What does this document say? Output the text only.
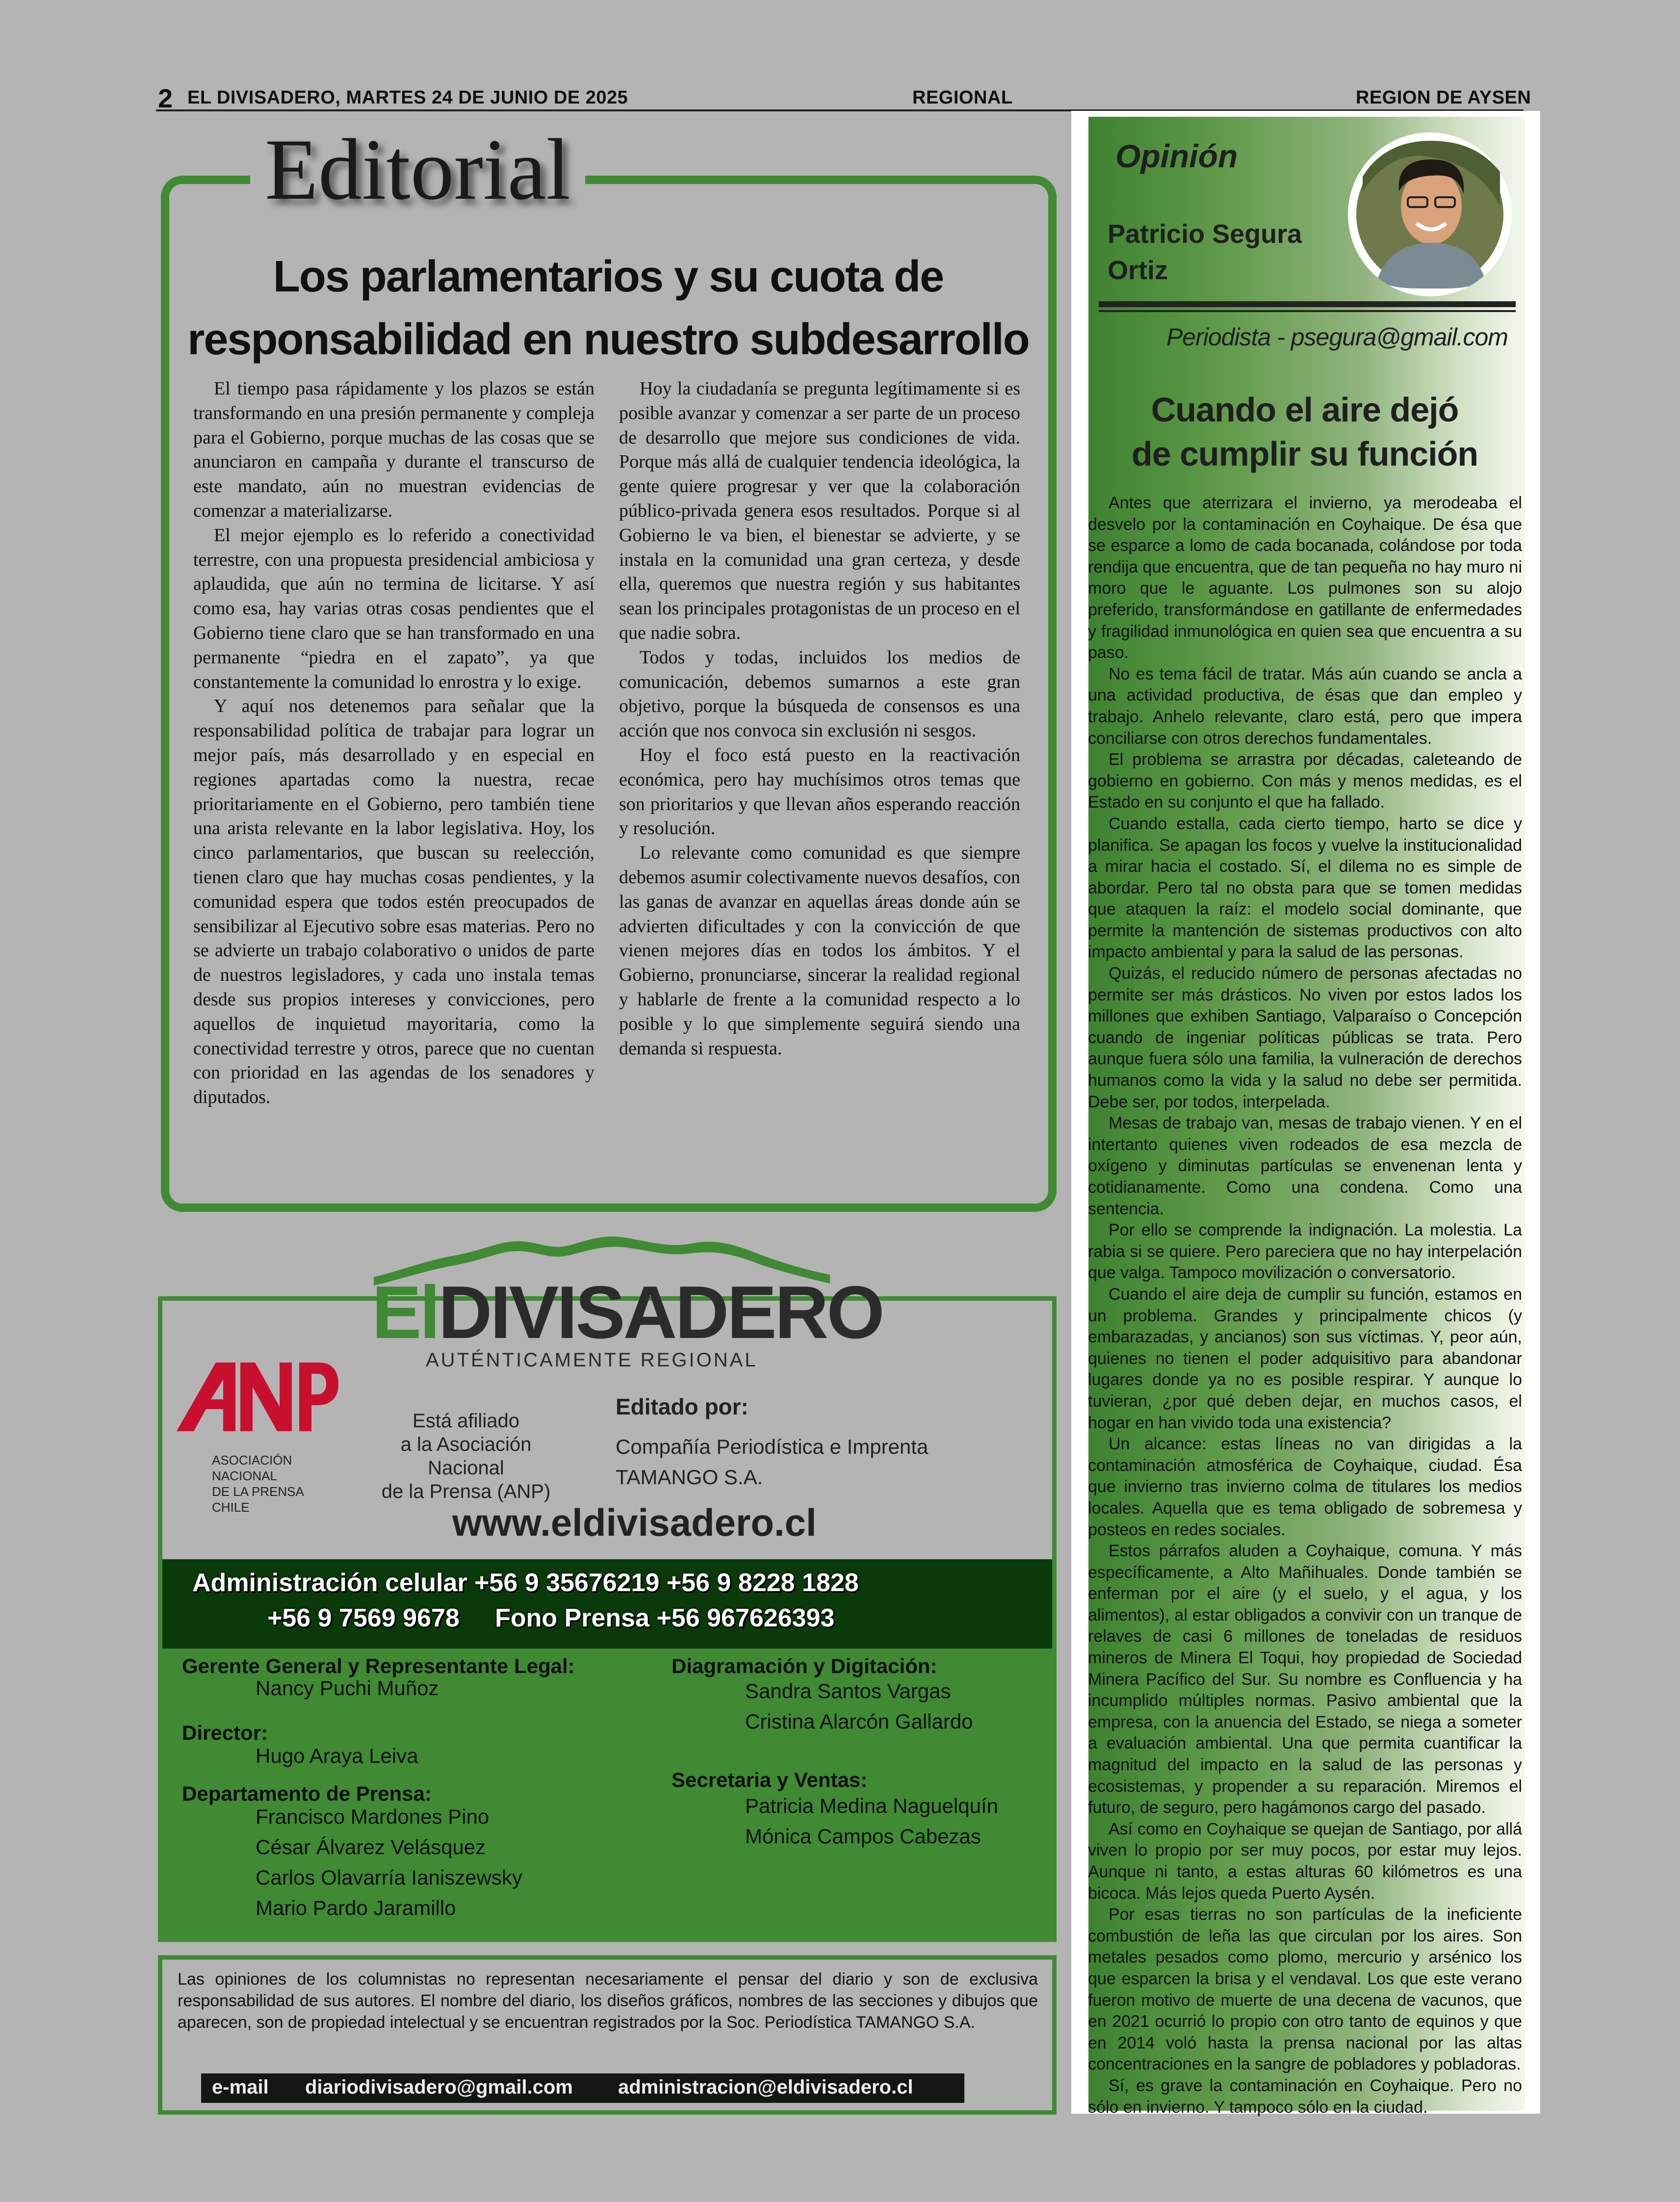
2 EL DIVISADERO, MARTES 24 DE JUNIO DE 2025	REGIONAL	REGION DE AYSEN
Editorial
Los parlamentarios y su cuota de
responsabilidad en nuestro subdesarrollo

El tiempo pasa rápidamente y los plazos se están transformando en una presión permanente y compleja para el Gobierno, porque muchas de las cosas que se anunciaron en campaña y durante el transcurso de este mandato, aún no muestran evidencias de comenzar a materializarse.

El mejor ejemplo es lo referido a conectividad terrestre, con una propuesta presidencial ambiciosa y aplaudida, que aún no termina de licitarse. Y así como esa, hay varias otras cosas pendientes que el Gobierno tiene claro que se han transformado en una permanente “piedra en el zapato”, ya que constantemente la comunidad lo enrostra y lo exige.

Y aquí nos detenemos para señalar que la responsabilidad política de trabajar para lograr un mejor país, más desarrollado y en especial en regiones apartadas como la nuestra, recae prioritariamente en el Gobierno, pero también tiene una arista relevante en la labor legislativa. Hoy, los cinco parlamentarios, que buscan su reelección, tienen claro que hay muchas cosas pendientes, y la comunidad espera que todos estén preocupados de sensibilizar al Ejecutivo sobre esas materias. Pero no se advierte un trabajo colaborativo o unidos de parte de nuestros legisladores, y cada uno instala temas desde sus propios intereses y convicciones, pero aquellos de inquietud mayoritaria, como la conectividad terrestre y otros, parece que no cuentan con prioridad en las agendas de los senadores y diputados.

Hoy la ciudadanía se pregunta legítimamente si es posible avanzar y comenzar a ser parte de un proceso de desarrollo que mejore sus condiciones de vida. Porque más allá de cualquier tendencia ideológica, la gente quiere progresar y ver que la colaboración público-privada genera esos resultados. Porque si al Gobierno le va bien, el bienestar se advierte, y se instala en la comunidad una gran certeza, y desde ella, queremos que nuestra región y sus habitantes sean los principales protagonistas de un proceso en el que nadie sobra.

Todos y todas, incluidos los medios de comunicación, debemos sumarnos a este gran objetivo, porque la búsqueda de consensos es una acción que nos convoca sin exclusión ni sesgos.

Hoy el foco está puesto en la reactivación económica, pero hay muchísimos otros temas que son prioritarios y que llevan años esperando reacción y resolución.

Lo relevante como comunidad es que siempre debemos asumir colectivamente nuevos desafíos, con las ganas de avanzar en aquellas áreas donde aún se advierten dificultades y con la convicción de que vienen mejores días en todos los ámbitos. Y el Gobierno, pronunciarse, sincerar la realidad regional y hablarle de frente a la comunidad respecto a lo posible y lo que simplemente seguirá siendo una demanda si respuesta.

ElDIVISADERO
AUTÉNTICAMENTE REGIONAL
ASOCIACIÓN
NACIONAL
DE LA PRENSA
CHILE
Está afiliado
a la Asociación Nacional
de la Prensa (ANP)
Editado por:
Compañía Periodística e Imprenta
TAMANGO S.A.
www.eldivisadero.cl
Administración celular +56 9 35676219 +56 9 8228 1828
+56 9 7569 9678     Fono Prensa +56 967626393
Gerente General y Representante Legal:
Nancy Puchi Muñoz
Director:
Hugo Araya Leiva
Departamento de Prensa:
Francisco Mardones Pino
César Álvarez Velásquez
Carlos Olavarría Ianiszewsky
Mario Pardo Jaramillo
Diagramación y Digitación:
Sandra Santos Vargas
Cristina Alarcón Gallardo
Secretaria y Ventas:
Patricia Medina Naguelquín
Mónica Campos Cabezas
Las opiniones de los columnistas no representan necesariamente el pensar del diario y son de exclusiva responsabilidad de sus autores. El nombre del diario, los diseños gráficos, nombres de las secciones y dibujos que aparecen, son de propiedad intelectual y se encuentran registrados por la Soc. Periodística TAMANGO S.A.
e-mail diariodivisadero@gmail.com administracion@eldivisadero.cl
Opinión
Patricio Segura
Ortiz
Periodista - psegura@gmail.com
Cuando el aire dejó
de cumplir su función

Antes que aterrizara el invierno, ya merodeaba el desvelo por la contaminación en Coyhaique. De ésa que se esparce a lomo de cada bocanada, colándose por toda rendija que encuentra, que de tan pequeña no hay muro ni moro que le aguante. Los pulmones son su alojo preferido, transformándose en gatillante de enfermedades y fragilidad inmunológica en quien sea que encuentra a su paso.

No es tema fácil de tratar. Más aún cuando se ancla a una actividad productiva, de ésas que dan empleo y trabajo. Anhelo relevante, claro está, pero que impera conciliarse con otros derechos fundamentales.

El problema se arrastra por décadas, caleteando de gobierno en gobierno. Con más y menos medidas, es el Estado en su conjunto el que ha fallado.

Cuando estalla, cada cierto tiempo, harto se dice y planifica. Se apagan los focos y vuelve la institucionalidad a mirar hacia el costado. Sí, el dilema no es simple de abordar. Pero tal no obsta para que se tomen medidas que ataquen la raíz: el modelo social dominante, que permite la mantención de sistemas productivos con alto impacto ambiental y para la salud de las personas.

Quizás, el reducido número de personas afectadas no permite ser más drásticos. No viven por estos lados los millones que exhiben Santiago, Valparaíso o Concepción cuando de ingeniar políticas públicas se trata. Pero aunque fuera sólo una familia, la vulneración de derechos humanos como la vida y la salud no debe ser permitida. Debe ser, por todos, interpelada.

Mesas de trabajo van, mesas de trabajo vienen. Y en el intertanto quienes viven rodeados de esa mezcla de oxígeno y diminutas partículas se envenenan lenta y cotidianamente. Como una condena. Como una sentencia.

Por ello se comprende la indignación. La molestia. La rabia si se quiere. Pero pareciera que no hay interpelación que valga. Tampoco movilización o conversatorio.

Cuando el aire deja de cumplir su función, estamos en un problema. Grandes y principalmente chicos (y embarazadas, y ancianos) son sus víctimas. Y, peor aún, quienes no tienen el poder adquisitivo para abandonar lugares donde ya no es posible respirar. Y aunque lo tuvieran, ¿por qué deben dejar, en muchos casos, el hogar en han vivido toda una existencia?

Un alcance: estas líneas no van dirigidas a la contaminación atmosférica de Coyhaique, ciudad. Ésa que invierno tras invierno colma de titulares los medios locales. Aquella que es tema obligado de sobremesa y posteos en redes sociales.

Estos párrafos aluden a Coyhaique, comuna. Y más específicamente, a Alto Mañihuales. Donde también se enferman por el aire (y el suelo, y el agua, y los alimentos), al estar obligados a convivir con un tranque de relaves de casi 6 millones de toneladas de residuos mineros de Minera El Toqui, hoy propiedad de Sociedad Minera Pacífico del Sur. Su nombre es Confluencia y ha incumplido múltiples normas. Pasivo ambiental que la empresa, con la anuencia del Estado, se niega a someter a evaluación ambiental. Una que permita cuantificar la magnitud del impacto en la salud de las personas y ecosistemas, y propender a su reparación. Miremos el futuro, de seguro, pero hagámonos cargo del pasado.

Así como en Coyhaique se quejan de Santiago, por allá viven lo propio por ser muy pocos, por estar muy lejos. Aunque ni tanto, a estas alturas 60 kilómetros es una bicoca. Más lejos queda Puerto Aysén.

Por esas tierras no son partículas de la ineficiente combustión de leña las que circulan por los aires. Son metales pesados como plomo, mercurio y arsénico los que esparcen la brisa y el vendaval. Los que este verano fueron motivo de muerte de una decena de vacunos, que en 2021 ocurrió lo propio con otro tanto de equinos y que en 2014 voló hasta la prensa nacional por las altas concentraciones en la sangre de pobladores y pobladoras.

Sí, es grave la contaminación en Coyhaique. Pero no sólo en invierno. Y tampoco sólo en la ciudad.
